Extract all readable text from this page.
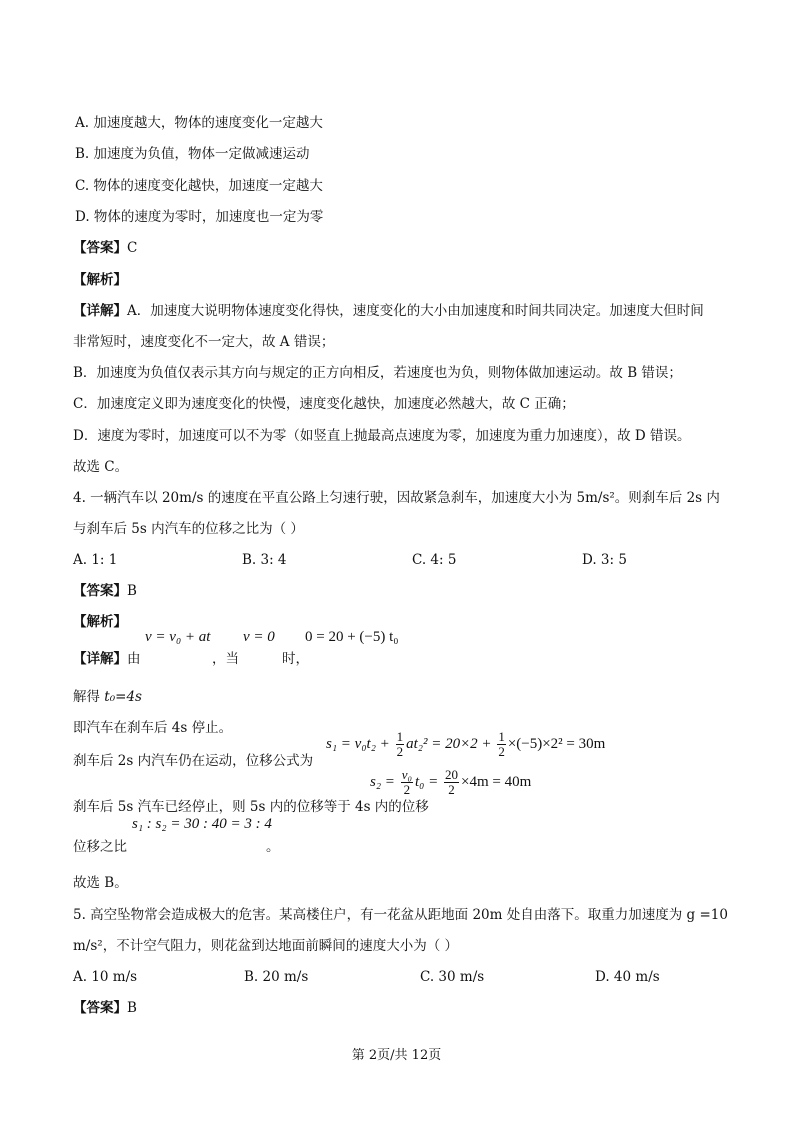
A. 加速度越大，物体的速度变化一定越大
B. 加速度为负值，物体一定做减速运动
C. 物体的速度变化越快，加速度一定越大
D. 物体的速度为零时，加速度也一定为零
【答案】C
【解析】
【详解】A．加速度大说明物体速度变化得快，速度变化的大小由加速度和时间共同决定。加速度大但时间
非常短时，速度变化不一定大，故 A 错误；
B．加速度为负值仅表示其方向与规定的正方向相反，若速度也为负，则物体做加速运动。故 B 错误；
C．加速度定义即为速度变化的快慢，速度变化越快，加速度必然越大，故 C 正确；
D．速度为零时，加速度可以不为零（如竖直上抛最高点速度为零，加速度为重力加速度），故 D 错误。
故选 C。
4. 一辆汽车以 20m/s 的速度在平直公路上匀速行驶，因故紧急刹车，加速度大小为 5m/s²。则刹车后 2s 内
与刹车后 5s 内汽车的位移之比为（ ）
A. 1: 1	B. 3: 4	C. 4: 5	D. 3: 5
【答案】B
【解析】
v = v₀ + at v = 0 0 = 20 + (−5) t₀
【详解】由	，当	时，
解得 t₀=4s
即汽车在刹车后 4s 停止。
$s_1 = v_0t_2 + \frac{1}{2} at_2^2 = 20\times 2 + \frac{1}{2} \times(-5)\times 2^2 = 30m$
刹车后 2s 内汽车仍在运动，位移公式为
$s_2 = \frac{\text{v₀}}{2} t_0 = \frac{20}{2} \times 4m = 40m$
刹车后 5s 汽车已经停止，则 5s 内的位移等于 4s 内的位移
s₁ : s₂ = 30 : 40 = 3 : 4
位移之比	。
故选 B。
5. 高空坠物常会造成极大的危害。某高楼住户，有一花盆从距地面 20m 处自由落下。取重力加速度为 g =10
m/s²，不计空气阻力，则花盆到达地面前瞬间的速度大小为（ ）
A. 10 m/s	B. 20 m/s	C. 30 m/s	D. 40 m/s
【答案】B
第 2页/共 12页
